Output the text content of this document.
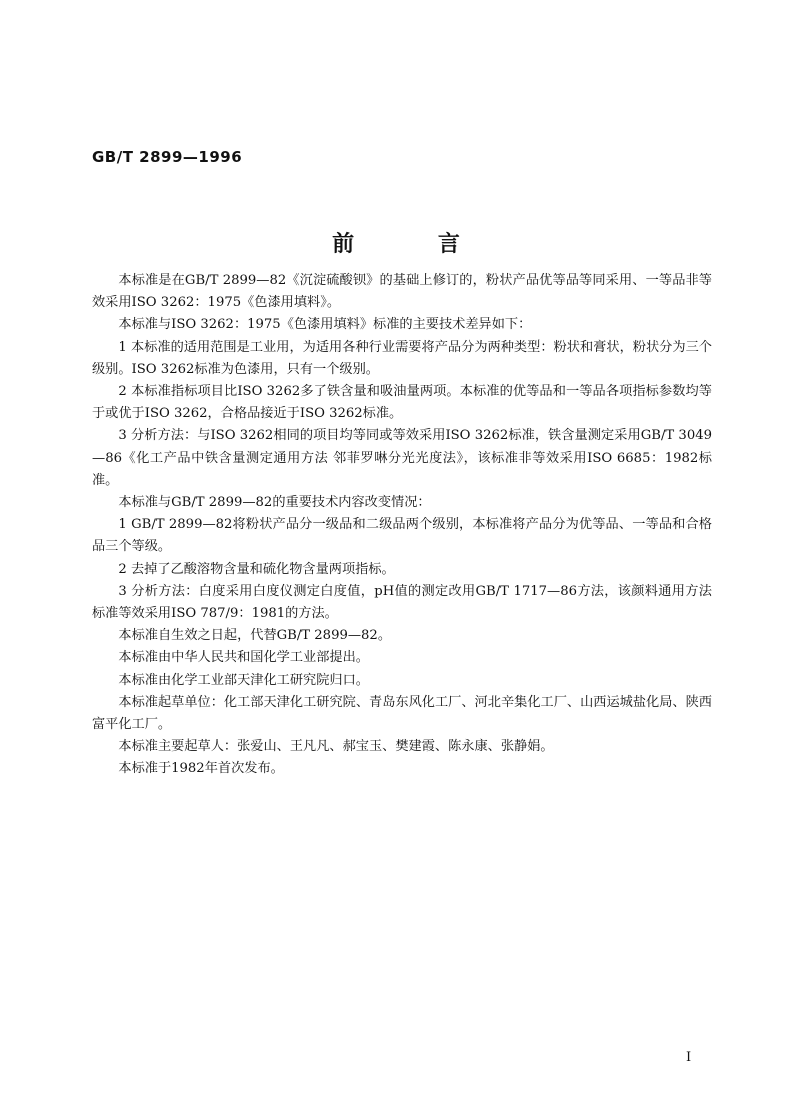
GB/T 2899—1996
前 言

本标准是在GB/T 2899—82《沉淀硫酸钡》的基础上修订的，粉状产品优等品等同采用、一等品非等效采用ISO 3262：1975《色漆用填料》。

本标准与ISO 3262：1975《色漆用填料》标准的主要技术差异如下：

1 本标准的适用范围是工业用，为适用各种行业需要将产品分为两种类型：粉状和膏状，粉状分为三个级别。ISO 3262标准为色漆用，只有一个级别。

2 本标准指标项目比ISO 3262多了铁含量和吸油量两项。本标准的优等品和一等品各项指标参数均等于或优于ISO 3262，合格品接近于ISO 3262标准。

3 分析方法：与ISO 3262相同的项目均等同或等效采用ISO 3262标准，铁含量测定采用GB/T 3049—86《化工产品中铁含量测定通用方法 邻菲罗啉分光光度法》，该标准非等效采用ISO 6685：1982标准。

本标准与GB/T 2899—82的重要技术内容改变情况：

1 GB/T 2899—82将粉状产品分一级品和二级品两个级别，本标准将产品分为优等品、一等品和合格品三个等级。

2 去掉了乙酸溶物含量和硫化物含量两项指标。

3 分析方法：白度采用白度仪测定白度值，pH值的测定改用GB/T 1717—86方法，该颜料通用方法标准等效采用ISO 787/9：1981的方法。

本标准自生效之日起，代替GB/T 2899—82。

本标准由中华人民共和国化学工业部提出。

本标准由化学工业部天津化工研究院归口。

本标准起草单位：化工部天津化工研究院、青岛东风化工厂、河北辛集化工厂、山西运城盐化局、陕西富平化工厂。

本标准主要起草人：张爱山、王凡凡、郝宝玉、樊建霞、陈永康、张静娟。

本标准于1982年首次发布。

I
